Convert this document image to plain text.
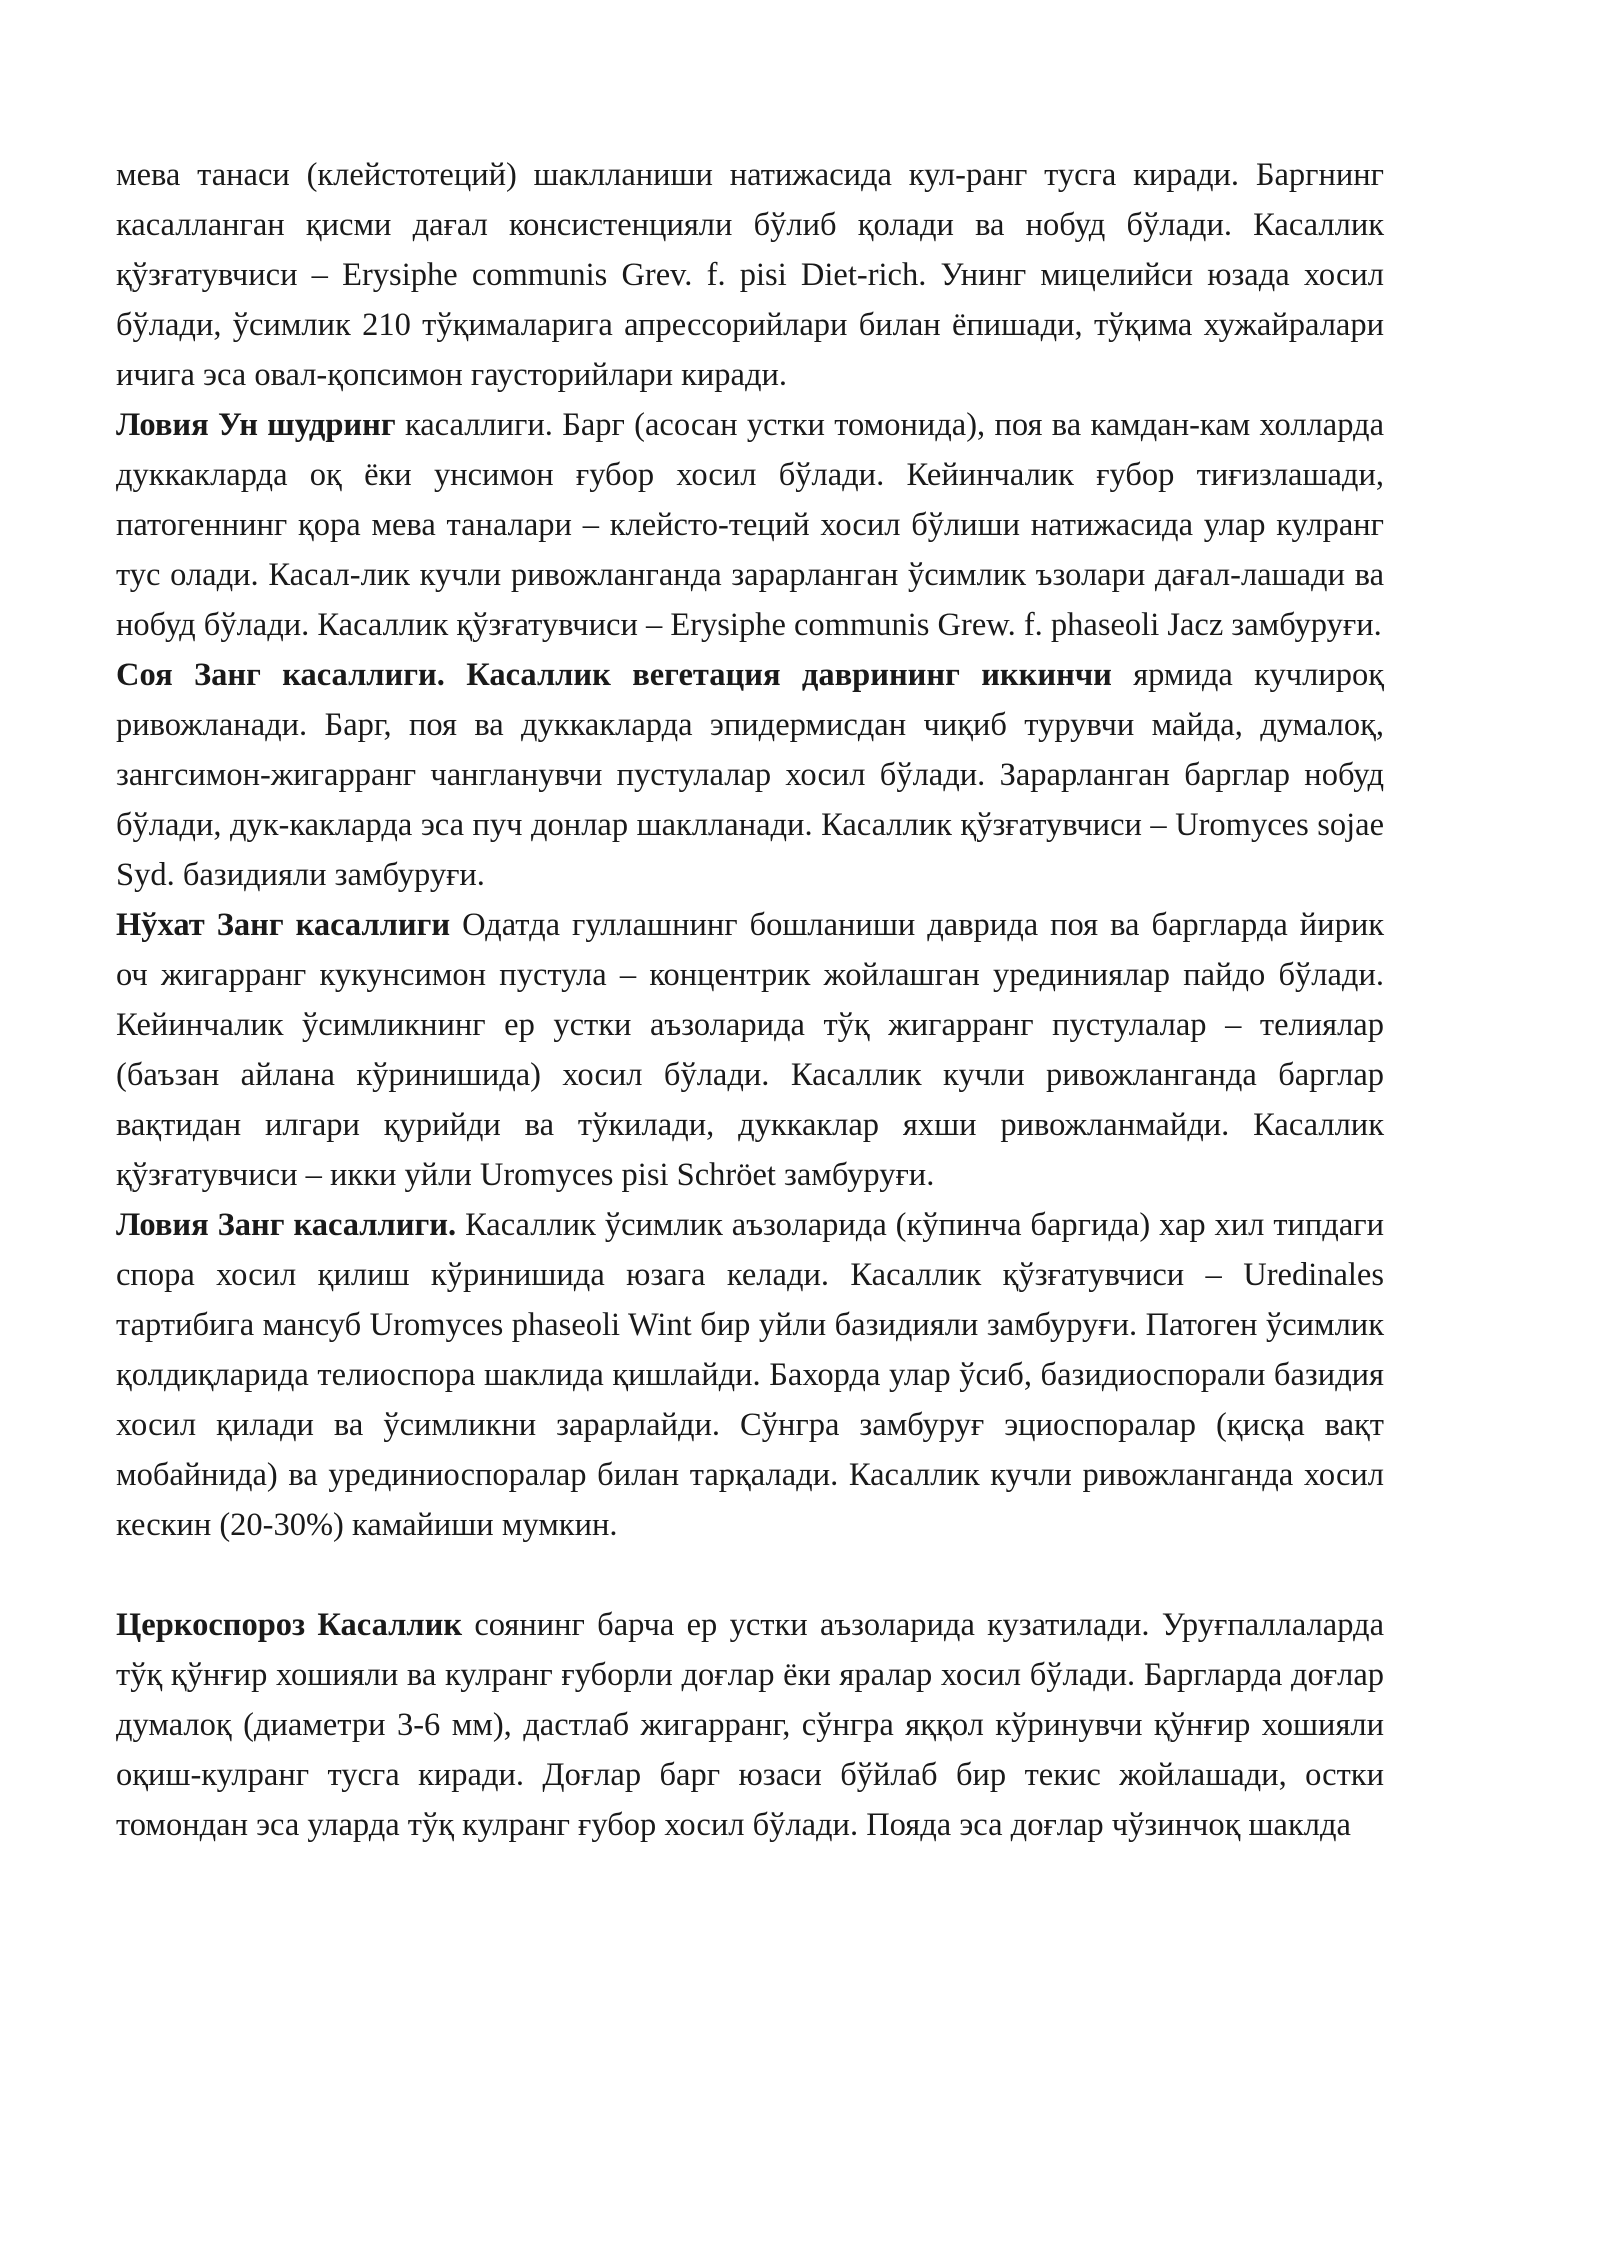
мева танаси (клейстотеций) шаклланиши натижасида кул-ранг тусга киради. Баргнинг касалланган қисми дағал консистенцияли бўлиб қолади ва нобуд бўлади. Касаллик қўзғатувчиси – Erysiphe communis Grev. f. pisi Diet-rich. Унинг мицелийси юзада хосил бўлади, ўсимлик 210 тўқималарига апрессорийлари билан ёпишади, тўқима хужайралари ичига эса овал-қопсимон гаусторийлари киради.

Ловия Ун шудринг касаллиги. Барг (асосан устки томонида), поя ва камдан-кам холларда дуккакларда оқ ёки унсимон ғубор хосил бўлади. Кейинчалик ғубор тиғизлашади, патогеннинг қора мева таналари – клейсто-теций хосил бўлиши натижасида улар кулранг тус олади. Касал-лик кучли ривожланганда зарарланган ўсимлик ъзолари дағал-лашади ва нобуд бўлади. Касаллик қўзғатувчиси – Erysiphe communis Grew. f. phaseoli Jacz замбуруғи.

Соя Занг касаллиги. Касаллик вегетация даврининг иккинчи ярмида кучлироқ ривожланади. Барг, поя ва дуккакларда эпидермисдан чиқиб турувчи майда, думалоқ, зангсимон-жигарранг чангланувчи пустулалар хосил бўлади. Зарарланган барглар нобуд бўлади, дук-какларда эса пуч донлар шаклланади. Касаллик қўзғатувчиси – Uromyces sojae Syd. базидияли замбуруғи.

Нўхат Занг касаллиги Одатда гуллашнинг бошланиши даврида поя ва баргларда йирик оч жигарранг кукунсимон пустула – концентрик жойлашган урединиялар пайдо бўлади. Кейинчалик ўсимликнинг ер устки аъзоларида тўқ жигарранг пустулалар – телиялар (баъзан айлана кўринишида) хосил бўлади. Касаллик кучли ривожланганда барглар вақтидан илгари қурийди ва тўкилади, дуккаклар яхши ривожланмайди. Касаллик қўзғатувчиси – икки уйли Uromyces pisi Schröet замбуруғи.

Ловия Занг касаллиги. Касаллик ўсимлик аъзоларида (кўпинча баргида) хар хил типдаги спора хосил қилиш кўринишида юзага келади. Касаллик қўзғатувчиси – Uredinales тартибига мансуб Uromyces phaseoli Wint бир уйли базидияли замбуруғи. Патоген ўсимлик қолдиқларида телиоспора шаклида қишлайди. Бахорда улар ўсиб, базидиоспорали базидия хосил қилади ва ўсимликни зарарлайди. Сўнгра замбуруғ эциоспоралар (қисқа вақт мобайнида) ва урединиоспоралар билан тарқалади. Касаллик кучли ривожланганда хосил кескин (20-30%) камайиши мумкин.

Церкоспороз Касаллик соянинг барча ер устки аъзоларида кузатилади. Уруғпаллаларда тўқ қўнғир хошияли ва кулранг ғуборли доғлар ёки яралар хосил бўлади. Баргларда доғлар думалоқ (диаметри 3-6 мм), дастлаб жигарранг, сўнгра яққол кўринувчи қўнғир хошияли оқиш-кулранг тусга киради. Доғлар барг юзаси бўйлаб бир текис жойлашади, остки томондан эса уларда тўқ кулранг ғубор хосил бўлади. Пояда эса доғлар чўзинчоқ шаклда
